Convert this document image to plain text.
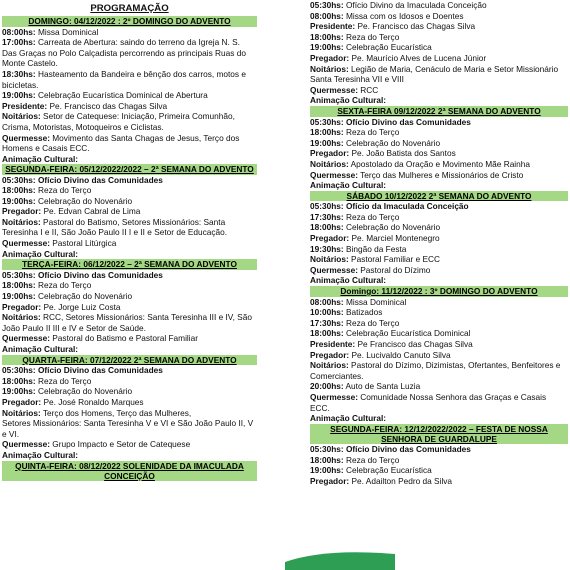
PROGRAMAÇÃO
DOMINGO: 04/12/2022 : 2º DOMINGO DO ADVENTO
08:00hs: Missa Dominical
17:00hs: Carreata de Abertura: saindo do terreno da Igreja N. S. Das Graças no Polo Calçadista percorrendo as principais Ruas do Monte Castelo.
18:30hs: Hasteamento da Bandeira e bênção dos carros, motos e bicicletas.
19:00hs: Celebração Eucarística Dominical de Abertura
Presidente: Pe. Francisco das Chagas Silva
Noitários: Setor de Catequese: Iniciação, Primeira Comunhão, Crisma, Motoristas, Motoqueiros e Ciclistas.
Quermesse: Movimento das Santa Chagas de Jesus, Terço dos Homens e Casais ECC.
Animação Cultural:
SEGUNDA-FEIRA: 05/12/2022/2022 – 2ª SEMANA DO ADVENTO
05:30hs: Ofício Divino das Comunidades
18:00hs: Reza do Terço
19:00hs: Celebração do Novenário
Pregador: Pe. Edvan Cabral de Lima
Noitários: Pastoral do Batismo, Setores Missionários: Santa Teresinha I e II, São João Paulo II I e II e Setor de Educação.
Quermesse: Pastoral Litúrgica
Animação Cultural:
TERÇA-FEIRA: 06/12/2022 – 2ª SEMANA DO ADVENTO
05:30hs: Ofício Divino das Comunidades
18:00hs: Reza do Terço
19:00hs: Celebração do Novenário
Pregador: Pe. Jorge Luiz Costa
Noitários: RCC, Setores Missionários: Santa Teresinha III e IV, São João Paulo II III e IV e Setor de Saúde.
Quermesse: Pastoral do Batismo e Pastoral Familiar
Animação Cultural:
QUARTA-FEIRA: 07/12/2022 2ª SEMANA DO ADVENTO
05:30hs: Ofício Divino das Comunidades
18:00hs: Reza do Terço
19:00hs: Celebração do Novenário
Pregador: Pe. José Ronaldo Marques
Noitários: Terço dos Homens, Terço das Mulheres,
Setores Missionários: Santa Teresinha V e VI e São João Paulo II, V e VI.
Quermesse: Grupo Impacto e Setor de Catequese
Animação Cultural:
QUINTA-FEIRA: 08/12/2022 SOLENIDADE DA IMACULADA CONCEIÇÃO
05:30hs: Ofício Divino da Imaculada Conceição
08:00hs: Missa com os Idosos e Doentes
Presidente: Pe. Francisco das Chagas Silva
18:00hs: Reza do Terço
19:00hs: Celebração Eucarística
Pregador: Pe. Maurício Alves de Lucena Júnior
Noitários: Legião de Maria, Cenáculo de Maria e Setor Missionário Santa Teresinha VII e VIII
Quermesse: RCC
Animação Cultural:
SEXTA-FEIRA 09/12/2022 2ª SEMANA DO ADVENTO
05:30hs: Ofício Divino das Comunidades
18:00hs: Reza do Terço
19:00hs: Celebração do Novenário
Pregador: Pe. João Batista dos Santos
Noitários: Apostolado da Oração e Movimento Mãe Rainha
Quermesse: Terço das Mulheres e Missionários de Cristo
Animação Cultural:
SÁBADO 10/12/2022 2ª SEMANA DO ADVENTO
05:30hs: Ofício da Imaculada Conceição
17:30hs: Reza do Terço
18:00hs: Celebração do Novenário
Pregador: Pe. Marciel Montenegro
19:30hs: Bingão da Festa
Noitários: Pastoral Familiar e ECC
Quermesse: Pastoral do Dízimo
Animação Cultural:
Domingo: 11/12/2022 : 3º DOMINGO DO ADVENTO
08:00hs: Missa Dominical
10:00hs: Batizados
17:30hs: Reza do Terço
18:00hs: Celebração Eucarística Dominical
Presidente: Pe Francisco das Chagas Silva
Pregador: Pe. Lucivaldo Canuto Silva
Noitários: Pastoral do Dízimo, Dizimistas, Ofertantes, Benfeitores e Comerciantes.
20:00hs: Auto de Santa Luzia
Quermesse: Comunidade Nossa Senhora das Graças e Casais ECC.
Animação Cultural:
SEGUNDA-FEIRA: 12/12/2022/2022 – FESTA DE NOSSA SENHORA DE GUARDALUPE
05:30hs: Ofício Divino das Comunidades
18:00hs: Reza do Terço
19:00hs: Celebração Eucarística
Pregador: Pe. Adailton Pedro da Silva
